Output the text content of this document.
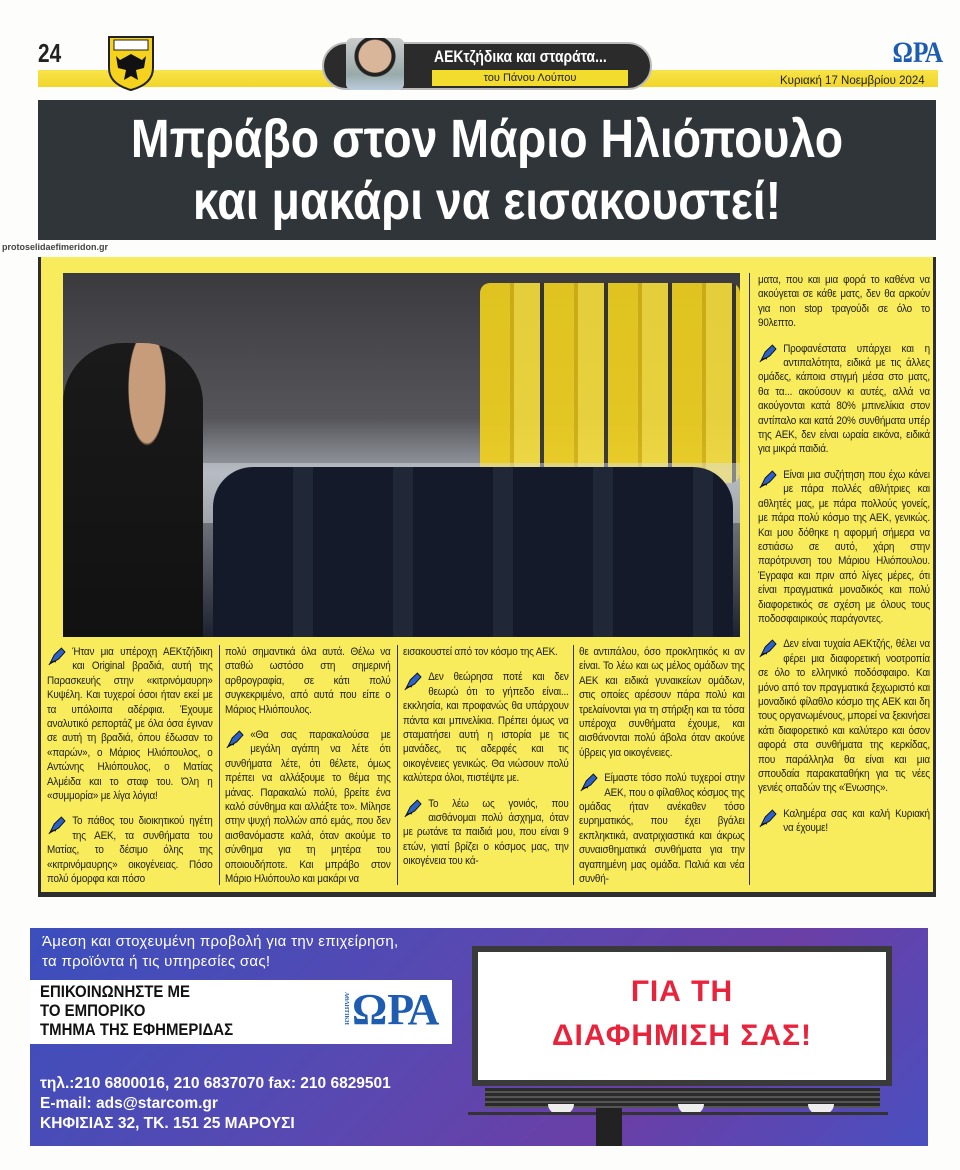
24	ΑΕΚτζήδικα και σταράτα...
του Πάνου Λούπου
ΩΡΑ
Κυριακή 17 Νοεμβρίου 2024
Μπράβο στον Μάριο Ηλιόπουλο
και μακάρι να εισακουστεί!
protoselidaefimeridon.gr

Ήταν μια υπέροχη ΑΕΚτζήδικη και Original βραδιά, αυτή της Παρασκευής στην «κιτρινόμαυρη» Κυψέλη. Και τυχεροί όσοι ήταν εκεί με τα υπόλοιπα αδέρφια. Έχουμε αναλυτικό ρεπορτάζ με όλα όσα έγιναν σε αυτή τη βραδιά, όπου έδωσαν το «παρών», ο Μάριος Ηλιόπουλος, ο Αντώνης Ηλιόπουλος, ο Ματίας Αλμέιδα και το σταφ του. Όλη η «συμμορία» με λίγα λόγια!

Το πάθος του διοικητικού ηγέτη της ΑΕΚ, τα συνθήματα του Ματίας, το δέσιμο όλης της «κιτρινόμαυρης» οικογένειας. Πόσο πολύ όμορφα και πόσο

πολύ σημαντικά όλα αυτά. Θέλω να σταθώ ωστόσο στη σημερινή αρθρογραφία, σε κάτι πολύ συγκεκριμένο, από αυτά που είπε ο Μάριος Ηλιόπουλος.

«Θα σας παρακαλούσα με μεγάλη αγάπη να λέτε ότι συνθήματα λέτε, ότι θέλετε, όμως πρέπει να αλλάξουμε το θέμα της μάνας. Παρακαλώ πολύ, βρείτε ένα καλό σύνθημα και αλλάξτε το». Μίλησε στην ψυχή πολλών από εμάς, που δεν αισθανόμαστε καλά, όταν ακούμε το σύνθημα για τη μητέρα του οποιουδήποτε. Και μπράβο στον Μάριο Ηλιόπουλο και μακάρι να

εισακουστεί από τον κόσμο της ΑΕΚ.

Δεν θεώρησα ποτέ και δεν θεωρώ ότι το γήπεδο είναι... εκκλησία, και προφανώς θα υπάρχουν πάντα και μπινελίκια. Πρέπει όμως να σταματήσει αυτή η ιστορία με τις μανάδες, τις αδερφές και τις οικογένειες γενικώς. Θα νιώσουν πολύ καλύτερα όλοι, πιστέψτε με.

Το λέω ως γονιός, που αισθάνομαι πολύ άσχημα, όταν με ρωτάνε τα παιδιά μου, που είναι 9 ετών, γιατί βρίζει ο κόσμος μας, την οικογένεια του κά-

θε αντιπάλου, όσο προκλητικός κι αν είναι. Το λέω και ως μέλος ομάδων της ΑΕΚ και ειδικά γυναικείων ομάδων, στις οποίες αρέσουν πάρα πολύ και τρελαίνονται για τη στήριξη και τα τόσα υπέροχα συνθήματα έχουμε, και αισθάνονται πολύ άβολα όταν ακούνε ύβρεις για οικογένειες.

Είμαστε τόσο πολύ τυχεροί στην ΑΕΚ, που ο φίλαθλος κόσμος της ομάδας ήταν ανέκαθεν τόσο ευρηματικός, που έχει βγάλει εκπληκτικά, ανατριχιαστικά και άκρως συναισθηματικά συνθήματα για την αγαπημένη μας ομάδα. Παλιά και νέα συνθή-

ματα, που και μια φορά το καθένα να ακούγεται σε κάθε ματς, δεν θα αρκούν για non stop τραγούδι σε όλο το 90λεπτο.

Προφανέστατα υπάρχει και η αντιπαλότητα, ειδικά με τις άλλες ομάδες, κάποια στιγμή μέσα στο ματς, θα τα... ακούσουν κι αυτές, αλλά να ακούγονται κατά 80% μπινελίκια στον αντίπαλο και κατά 20% συνθήματα υπέρ της ΑΕΚ, δεν είναι ωραία εικόνα, ειδικά για μικρά παιδιά.

Είναι μια συζήτηση που έχω κάνει με πάρα πολλές αθλήτριες και αθλητές μας, με πάρα πολλούς γονείς, με πάρα πολύ κόσμο της ΑΕΚ, γενικώς. Και μου δόθηκε η αφορμή σήμερα να εστιάσω σε αυτό, χάρη στην παρότρυνση του Μάριου Ηλιόπουλου. Έγραφα και πριν από λίγες μέρες, ότι είναι πραγματικά μοναδικός και πολύ διαφορετικός σε σχέση με όλους τους ποδοσφαιρικούς παράγοντες.

Δεν είναι τυχαία ΑΕΚτζής, θέλει να φέρει μια διαφορετική νοοτροπία σε όλο το ελληνικό ποδόσφαιρο. Και μόνο από τον πραγματικά ξεχωριστό και μοναδικό φίλαθλο κόσμο της ΑΕΚ και δη τους οργανωμένους, μπορεί να ξεκινήσει κάτι διαφορετικό και καλύτερο και όσον αφορά στα συνθήματα της κερκίδας, που παράλληλα θα είναι και μια σπουδαία παρακαταθήκη για τις νέες γενιές οπαδών της «Ένωσης».

Καλημέρα σας και καλή Κυριακή να έχουμε!

Άμεση και στοχευμένη προβολή για την επιχείρηση,
τα προϊόντα ή τις υπηρεσίες σας!
ΕΠΙΚΟΙΝΩΝΗΣΤΕ ΜΕ
ΤΟ ΕΜΠΟΡΙΚΟ
ΤΜΗΜΑ ΤΗΣ ΕΦΗΜΕΡΙΔΑΣ
ΑΘΛΗΤΙΚΗ ΩΡΑ
τηλ.:210 6800016, 210 6837070 fax: 210 6829501
E-mail: ads@starcom.gr
ΚΗΦΙΣΙΑΣ 32, ΤΚ. 151 25 ΜΑΡΟΥΣΙ
ΓΙΑ ΤΗ
ΔΙΑΦΗΜΙΣΗ ΣΑΣ!
